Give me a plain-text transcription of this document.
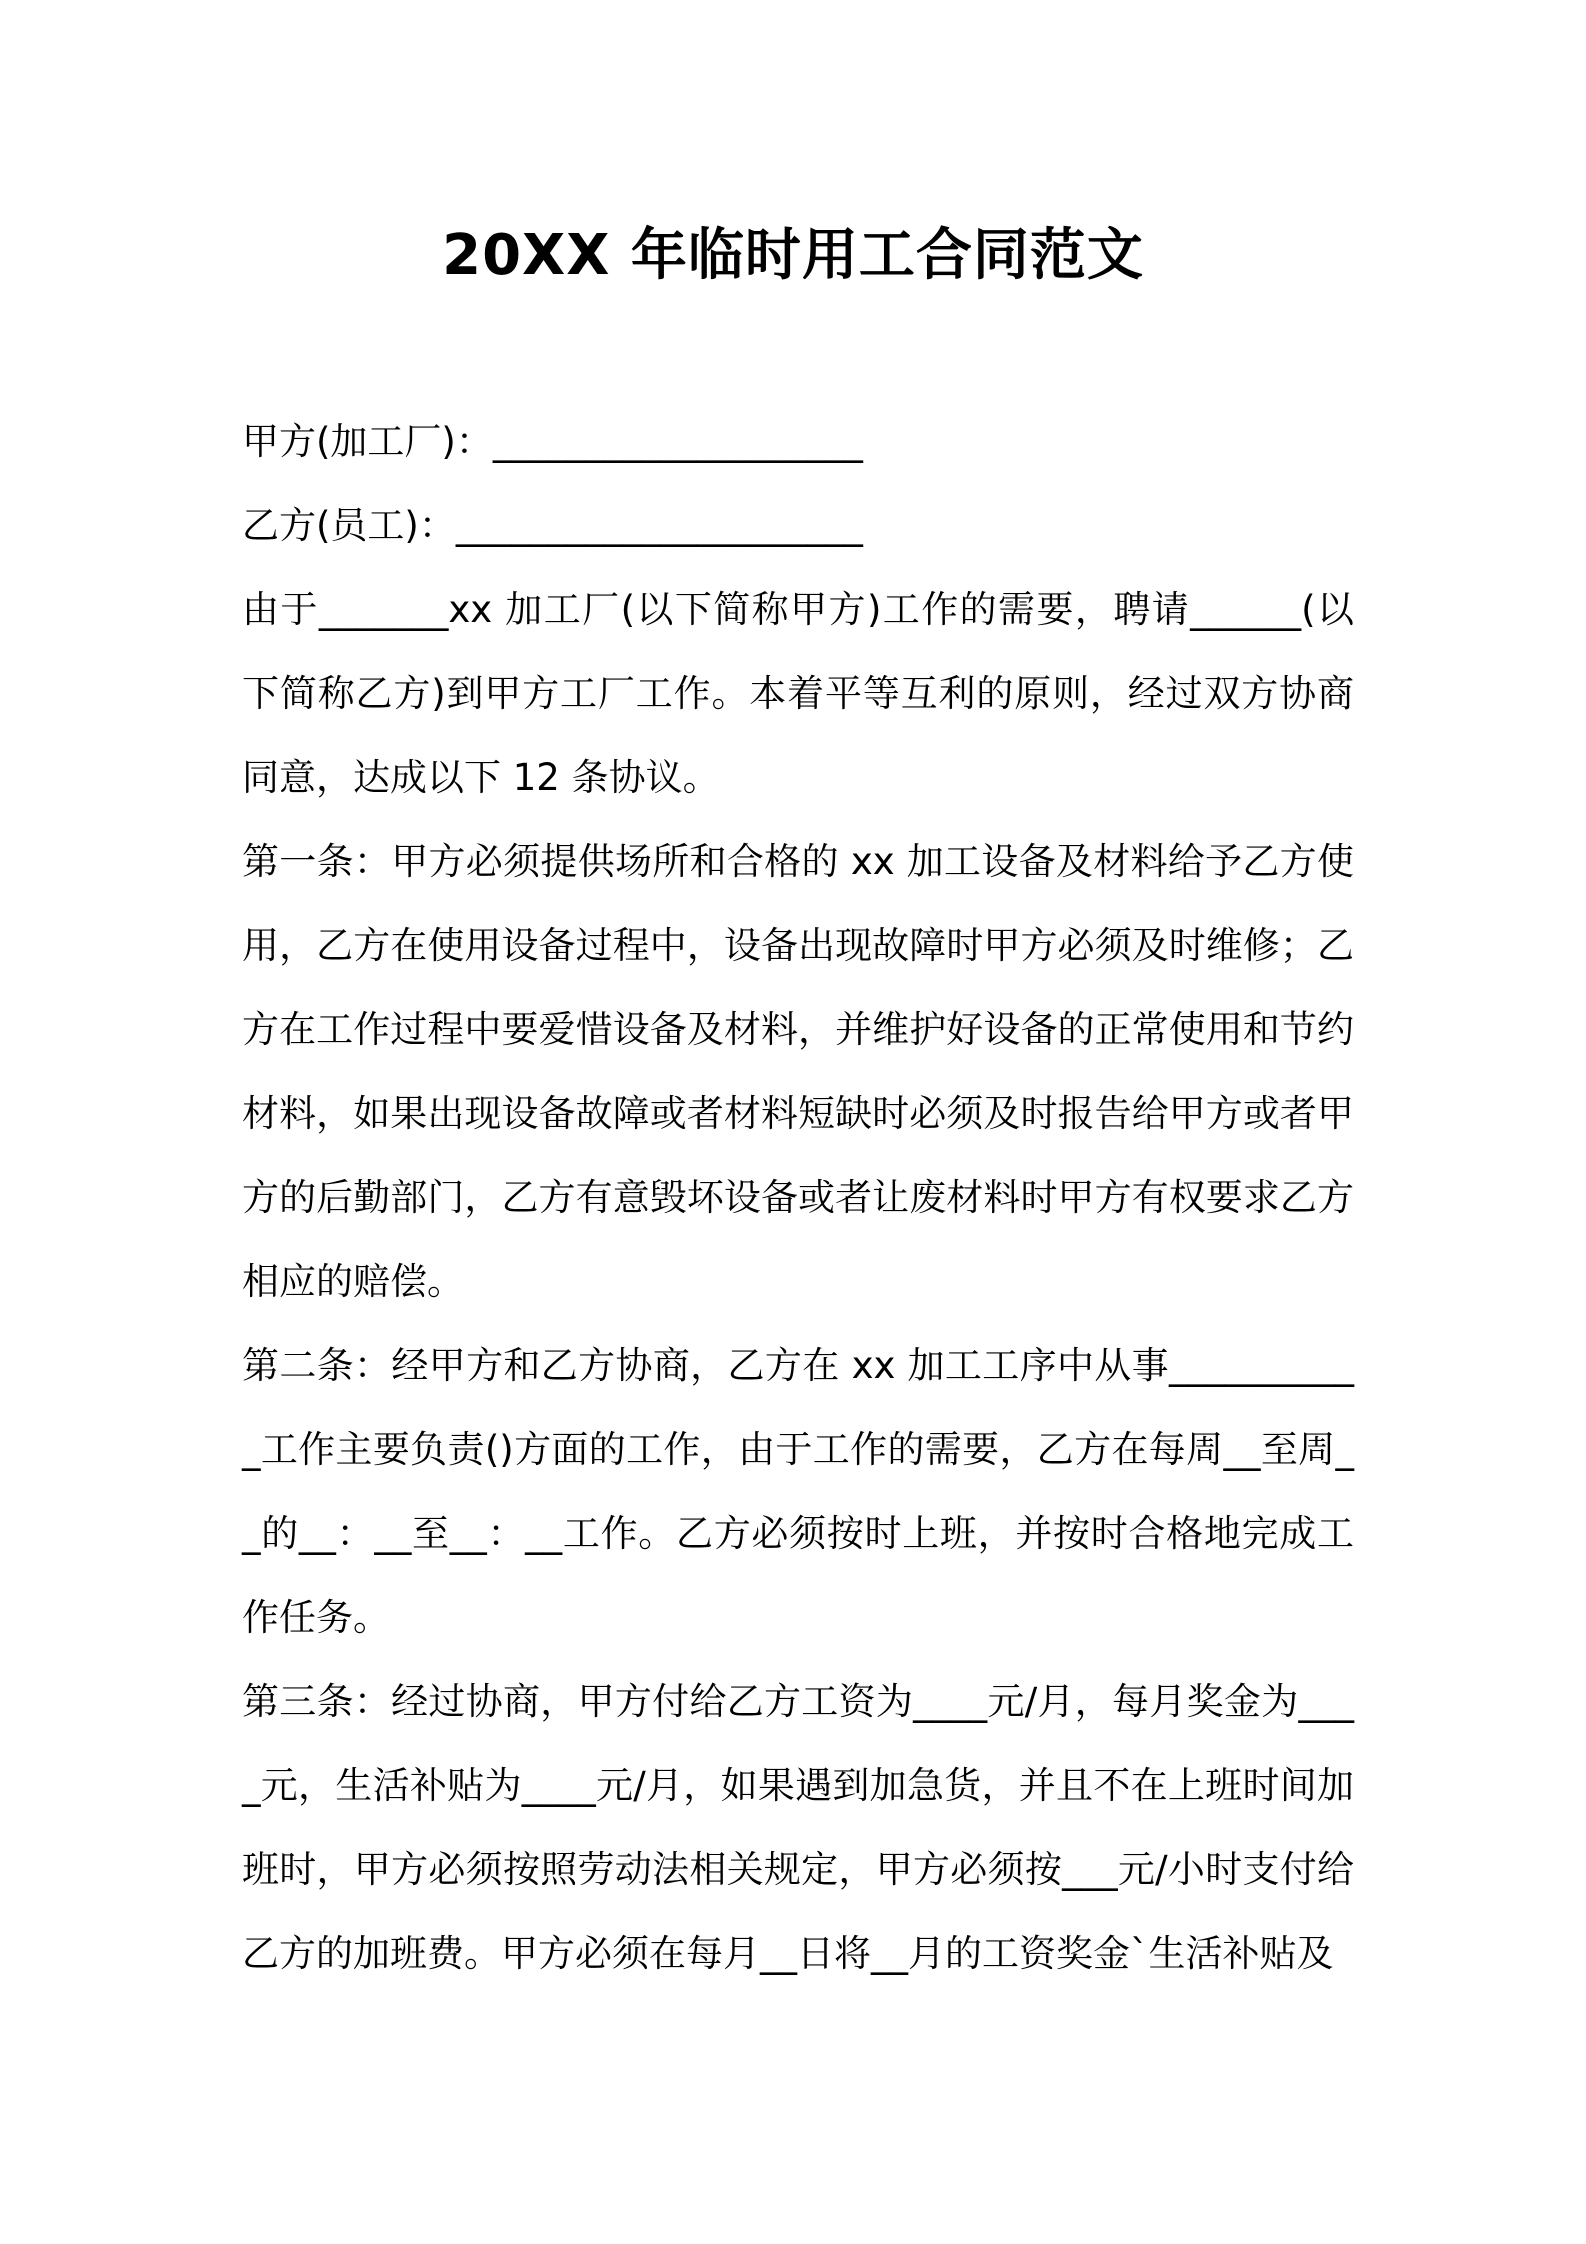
20XX 年临时用工合同范文

甲方(加工厂)：____________________

乙方(员工)：______________________

由于_______xx 加工厂(以下简称甲方)工作的需要，聘请______(以下简称乙方)到甲方工厂工作。本着平等互利的原则，经过双方协商同意，达成以下 12 条协议。

第一条：甲方必须提供场所和合格的 xx 加工设备及材料给予乙方使用，乙方在使用设备过程中，设备出现故障时甲方必须及时维修；乙方在工作过程中要爱惜设备及材料，并维护好设备的正常使用和节约材料，如果出现设备故障或者材料短缺时必须及时报告给甲方或者甲方的后勤部门，乙方有意毁坏设备或者让废材料时甲方有权要求乙方相应的赔偿。

第二条：经甲方和乙方协商，乙方在 xx 加工工序中从事___________工作主要负责()方面的工作，由于工作的需要，乙方在每周__至周__的__：__至__：__工作。乙方必须按时上班，并按时合格地完成工作任务。

第三条：经过协商，甲方付给乙方工资为____元/月，每月奖金为____元，生活补贴为____元/月，如果遇到加急货，并且不在上班时间加班时，甲方必须按照劳动法相关规定，甲方必须按___元/小时支付给乙方的加班费。甲方必须在每月__日将__月的工资奖金`生活补贴及
